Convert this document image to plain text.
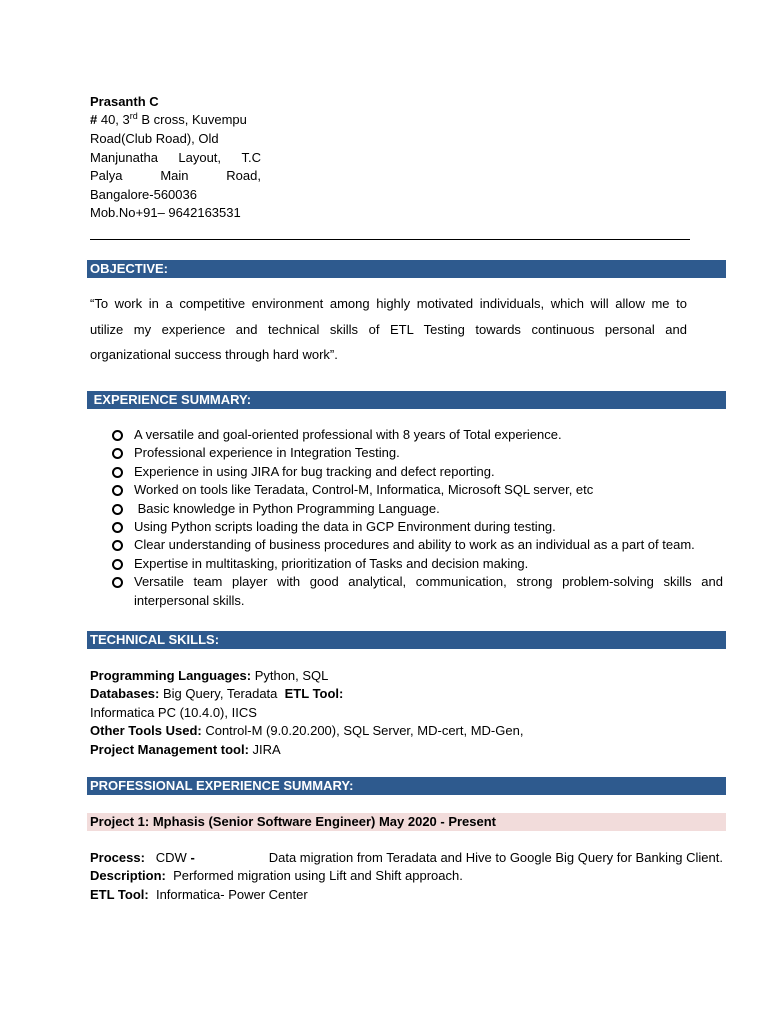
Prasanth C
# 40, 3rd B cross, Kuvempu
Road(Club Road), Old
Manjunatha Layout, T.C
Palya	Main	Road,
Bangalore-560036
Mob.No+91– 9642163531
OBJECTIVE:
“To work in a competitive environment among highly motivated individuals, which will allow me to
utilize my experience and technical skills of ETL Testing towards continuous personal and
organizational success through hard work”.
EXPERIENCE SUMMARY:
A versatile and goal-oriented professional with 8 years of Total experience.
Professional experience in Integration Testing.
Experience in using JIRA for bug tracking and defect reporting.
Worked on tools like Teradata, Control-M, Informatica, Microsoft SQL server, etc
Basic knowledge in Python Programming Language.
Using Python scripts loading the data in GCP Environment during testing.
Clear understanding of business procedures and ability to work as an individual as a part of team.
Expertise in multitasking, prioritization of Tasks and decision making.
Versatile team player with good analytical, communication, strong problem-solving skills and interpersonal skills.
TECHNICAL SKILLS:
Programming Languages: Python, SQL
Databases: Big Query, Teradata  ETL Tool:
Informatica PC (10.4.0), IICS
Other Tools Used: Control-M (9.0.20.200), SQL Server, MD-cert, MD-Gen,
Project Management tool: JIRA
PROFESSIONAL EXPERIENCE SUMMARY:
Project 1: Mphasis (Senior Software Engineer) May 2020 - Present
Process: CDW -	Data migration from Teradata and Hive to Google Big Query for Banking Client.
Description:  Performed migration using Lift and Shift approach.
ETL Tool:  Informatica- Power Center
